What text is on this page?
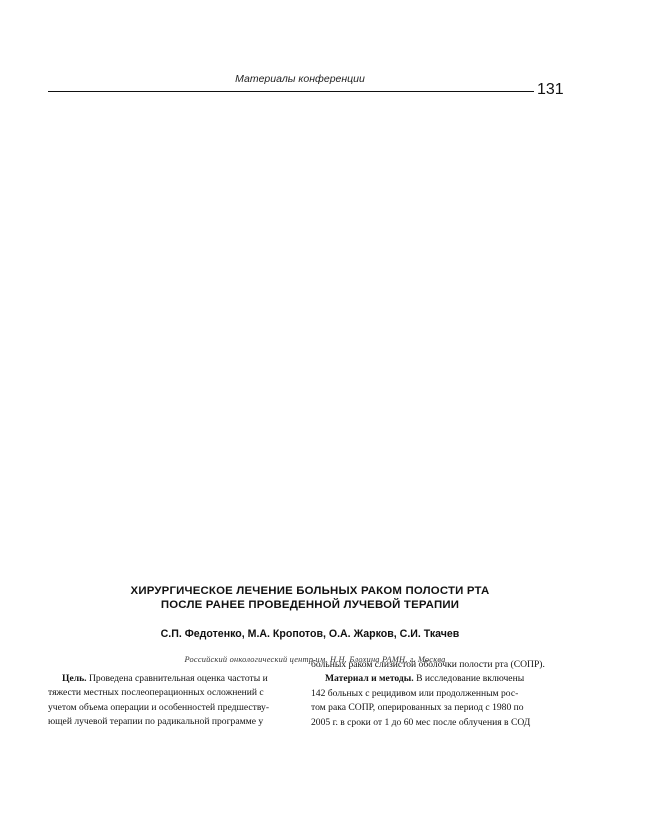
Материалы конференции
131
ХИРУРГИЧЕСКОЕ ЛЕЧЕНИЕ БОЛЬНЫХ РАКОМ ПОЛОСТИ РТА
ПОСЛЕ РАНЕЕ ПРОВЕДЕННОЙ ЛУЧЕВОЙ ТЕРАПИИ
С.П. Федотенко, М.А. Кропотов, О.А. Жарков, С.И. Ткачев
Российский онкологический центр им. Н.Н. Блохина РАМН, г. Москва
Цель. Проведена сравнительная оценка частоты и
тяжести местных послеоперационных осложнений с
учетом объема операции и особенностей предшеству-
ющей лучевой терапии по радикальной программе у
больных раком слизистой оболочки полости рта (СОПР).
Материал и методы. В исследование включены
142 больных с рецидивом или продолженным рос-
том рака СОПР, оперированных за период с 1980 по
2005 г. в сроки от 1 до 60 мес после облучения в СОД
